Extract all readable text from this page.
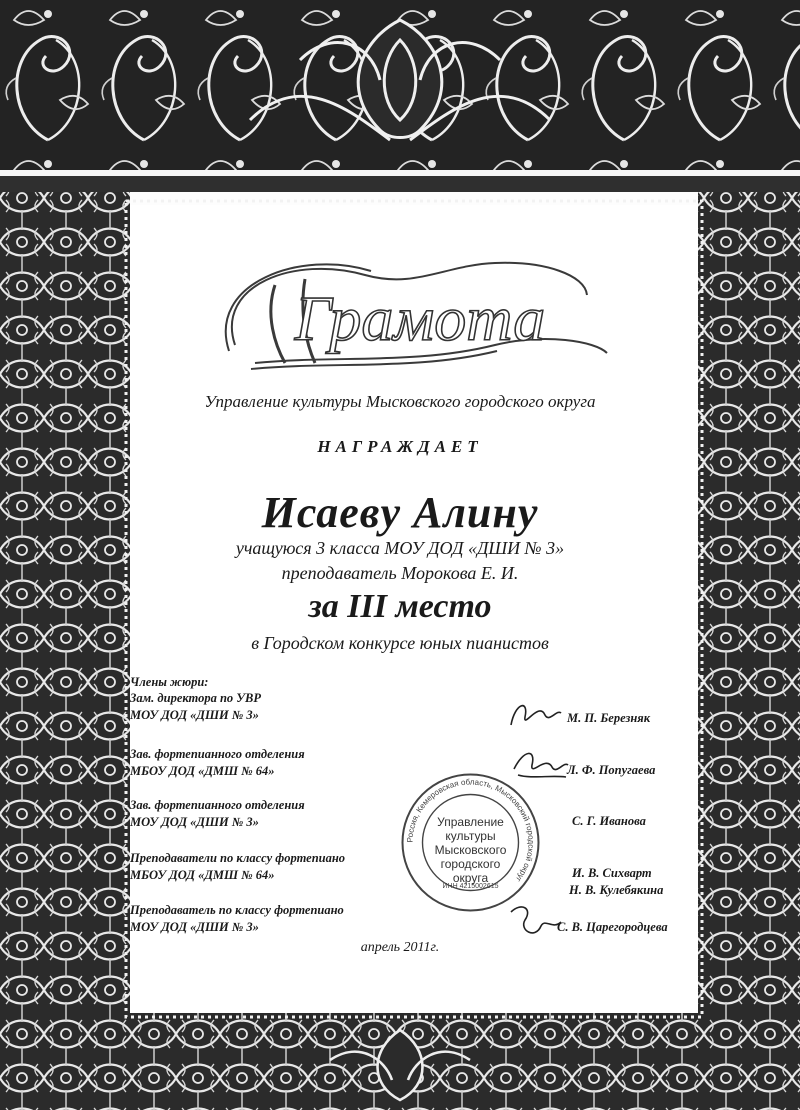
Грамота
Управление культуры Мысковского городского округа
НАГРАЖДАЕТ
Исаеву Алину
учащуюся 3 класса МОУ ДОД «ДШИ № 3»
преподаватель Морокова Е. И.
за III место
в Городском конкурсе юных пианистов
Члены жюри:
Зам. директора по УВР
МОУ ДОД «ДШИ № 3»	М. П. Березняк
Зав. фортепианного отделения
МБОУ ДОД «ДМШ № 64»	Л. Ф. Попугаева
Зав. фортепианного отделения
МОУ ДОД «ДШИ № 3»	С. Г. Иванова
Преподаватели по классу фортепиано
МБОУ ДОД «ДМШ № 64»	И. В. Сихварт
Н. В. Кулебякина
Преподаватель по классу фортепиано
МОУ ДОД «ДШИ № 3»	С. В. Царегородцева
Россия, Кемеровская область, Мысковский городской округ
ИНН 4215002615
Управление
культуры
Мысковского
городского
округа
апрель 2011г.
